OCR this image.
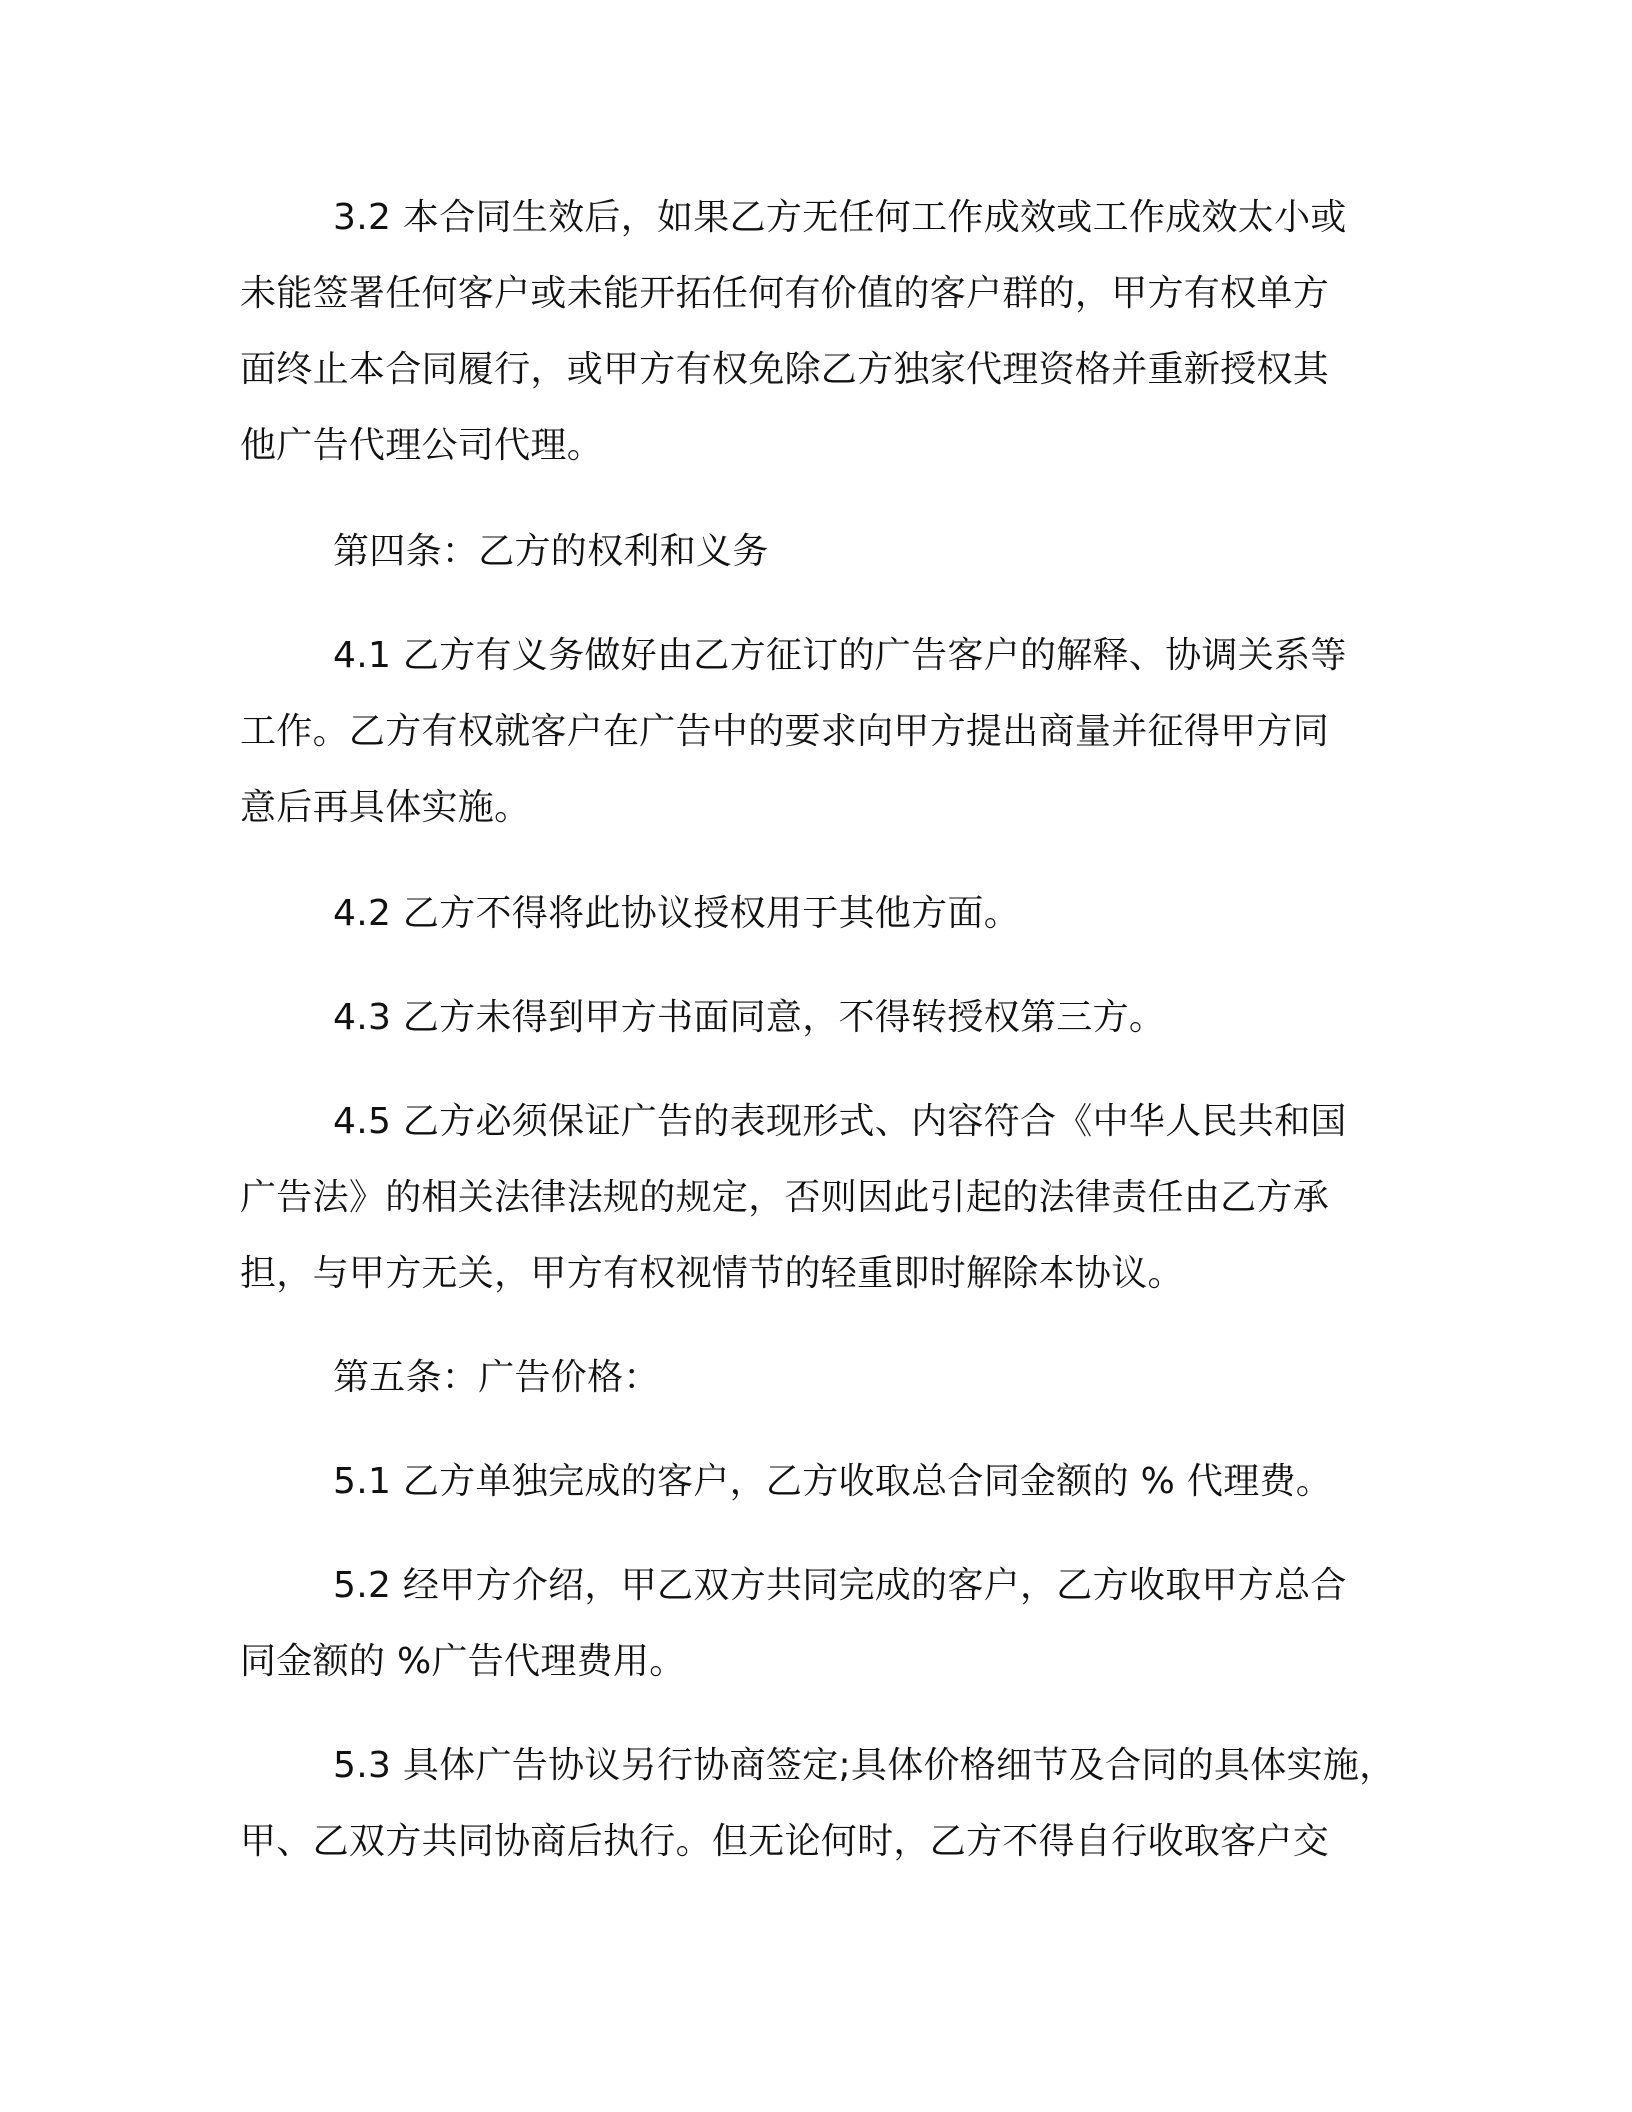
3.2 本合同生效后，如果乙方无任何工作成效或工作成效太小或
未能签署任何客户或未能开拓任何有价值的客户群的，甲方有权单方
面终止本合同履行，或甲方有权免除乙方独家代理资格并重新授权其
他广告代理公司代理。
第四条：乙方的权利和义务
4.1 乙方有义务做好由乙方征订的广告客户的解释、协调关系等
工作。乙方有权就客户在广告中的要求向甲方提出商量并征得甲方同
意后再具体实施。
4.2 乙方不得将此协议授权用于其他方面。
4.3 乙方未得到甲方书面同意，不得转授权第三方。
4.5 乙方必须保证广告的表现形式、内容符合《中华人民共和国
广告法》的相关法律法规的规定，否则因此引起的法律责任由乙方承
担，与甲方无关，甲方有权视情节的轻重即时解除本协议。
第五条：广告价格：
5.1 乙方单独完成的客户，乙方收取总合同金额的 % 代理费。
5.2 经甲方介绍，甲乙双方共同完成的客户，乙方收取甲方总合
同金额的 %广告代理费用。
5.3 具体广告协议另行协商签定;具体价格细节及合同的具体实施，
甲、乙双方共同协商后执行。但无论何时，乙方不得自行收取客户交
